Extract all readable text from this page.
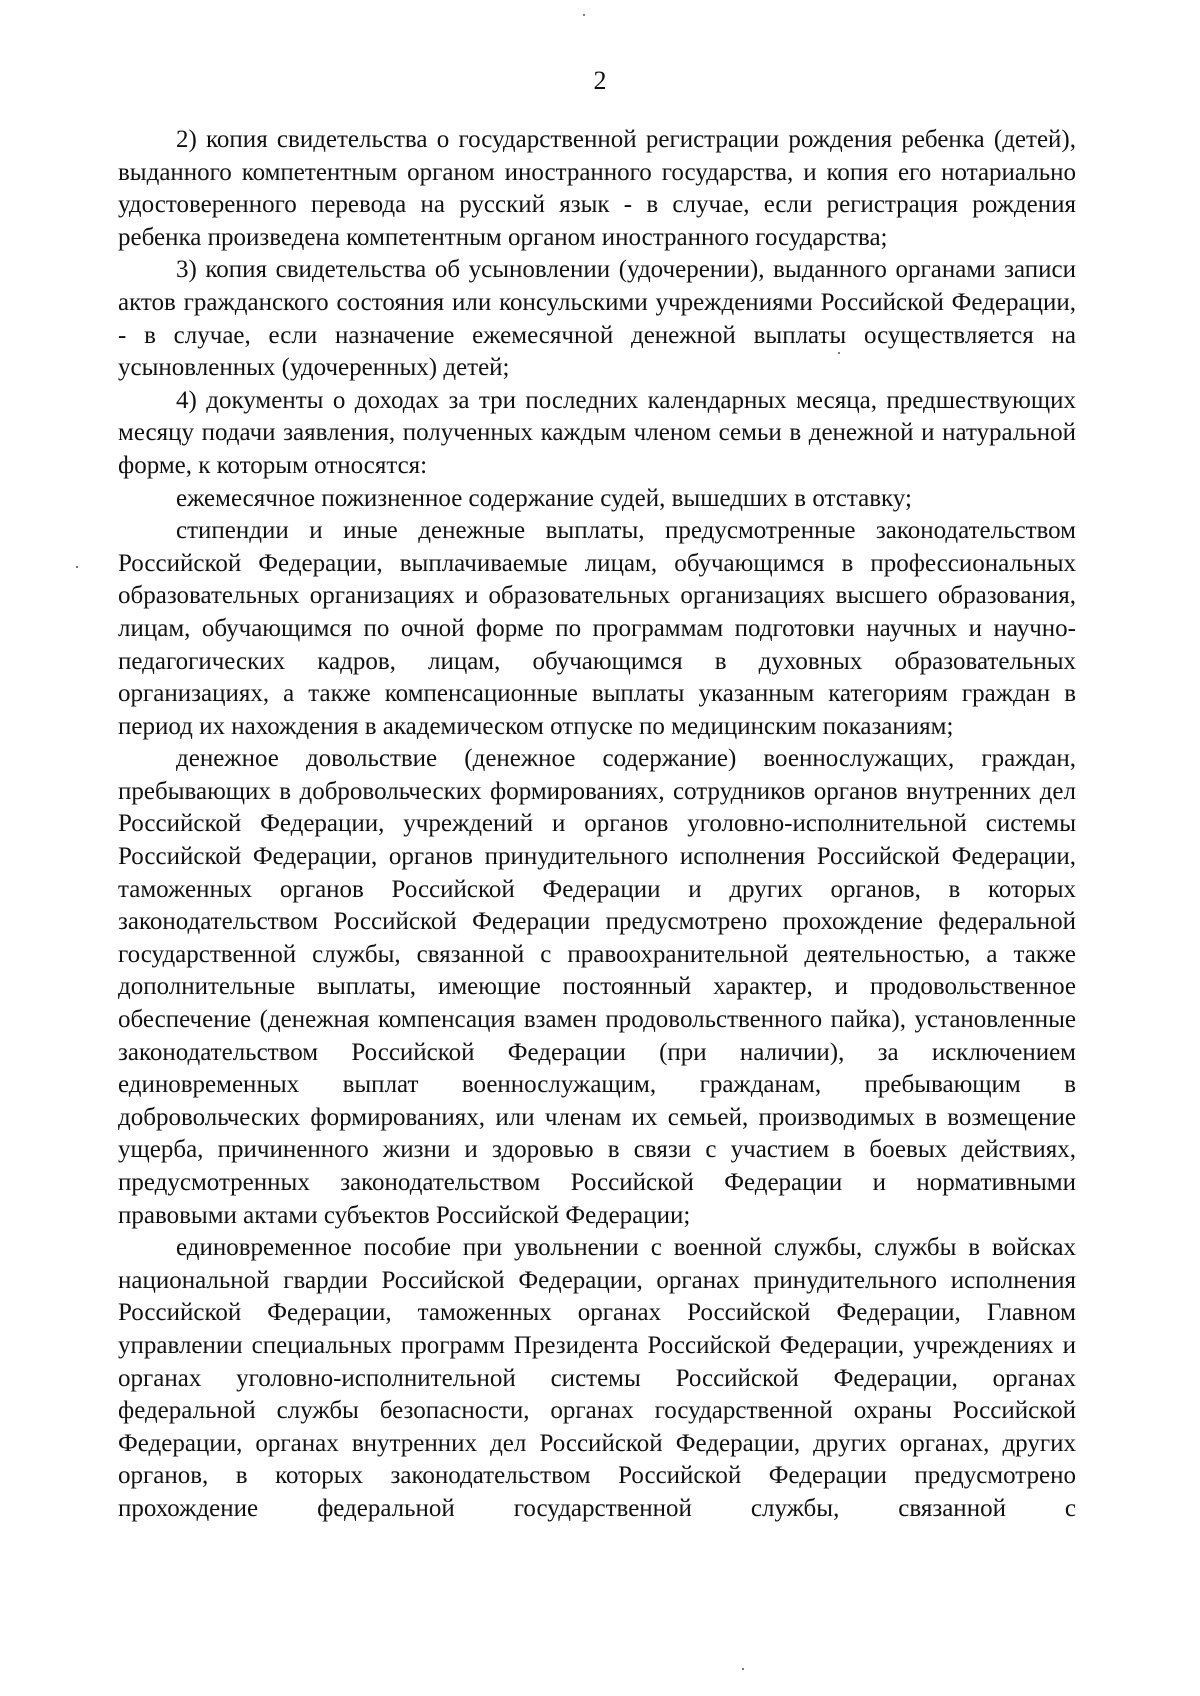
2

2) копия свидетельства о государственной регистрации рождения ребенка (детей), выданного компетентным органом иностранного государства, и копия его нотариально удостоверенного перевода на русский язык - в случае, если регистрация рождения ребенка произведена компетентным органом иностранного государства;

3) копия свидетельства об усыновлении (удочерении), выданного органами записи актов гражданского состояния или консульскими учреждениями Российской Федерации, - в случае, если назначение ежемесячной денежной выплаты осуществляется на усыновленных (удочеренных) детей;

4) документы о доходах за три последних календарных месяца, предшествующих месяцу подачи заявления, полученных каждым членом семьи в денежной и натуральной форме, к которым относятся:

ежемесячное пожизненное содержание судей, вышедших в отставку;

стипендии и иные денежные выплаты, предусмотренные законодательством Российской Федерации, выплачиваемые лицам, обучающимся в профессиональных образовательных организациях и образовательных организациях высшего образования, лицам, обучающимся по очной форме по программам подготовки научных и научно-педагогических кадров, лицам, обучающимся в духовных образовательных организациях, а также компенсационные выплаты указанным категориям граждан в период их нахождения в академическом отпуске по медицинским показаниям;

денежное довольствие (денежное содержание) военнослужащих, граждан, пребывающих в добровольческих формированиях, сотрудников органов внутренних дел Российской Федерации, учреждений и органов уголовно-исполнительной системы Российской Федерации, органов принудительного исполнения Российской Федерации, таможенных органов Российской Федерации и других органов, в которых законодательством Российской Федерации предусмотрено прохождение федеральной государственной службы, связанной с правоохранительной деятельностью, а также дополнительные выплаты, имеющие постоянный характер, и продовольственное обеспечение (денежная компенсация взамен продовольственного пайка), установленные законодательством Российской Федерации (при наличии), за исключением единовременных выплат военнослужащим, гражданам, пребывающим в добровольческих формированиях, или членам их семьей, производимых в возмещение ущерба, причиненного жизни и здоровью в связи с участием в боевых действиях, предусмотренных законодательством Российской Федерации и нормативными правовыми актами субъектов Российской Федерации;

единовременное пособие при увольнении с военной службы, службы в войсках национальной гвардии Российской Федерации, органах принудительного исполнения Российской Федерации, таможенных органах Российской Федерации, Главном управлении специальных программ Президента Российской Федерации, учреждениях и органах уголовно-исполнительной системы Российской Федерации, органах федеральной службы безопасности, органах государственной охраны Российской Федерации, органах внутренних дел Российской Федерации, других органах, других органов, в которых законодательством Российской Федерации предусмотрено прохождение федеральной государственной службы, связанной с
